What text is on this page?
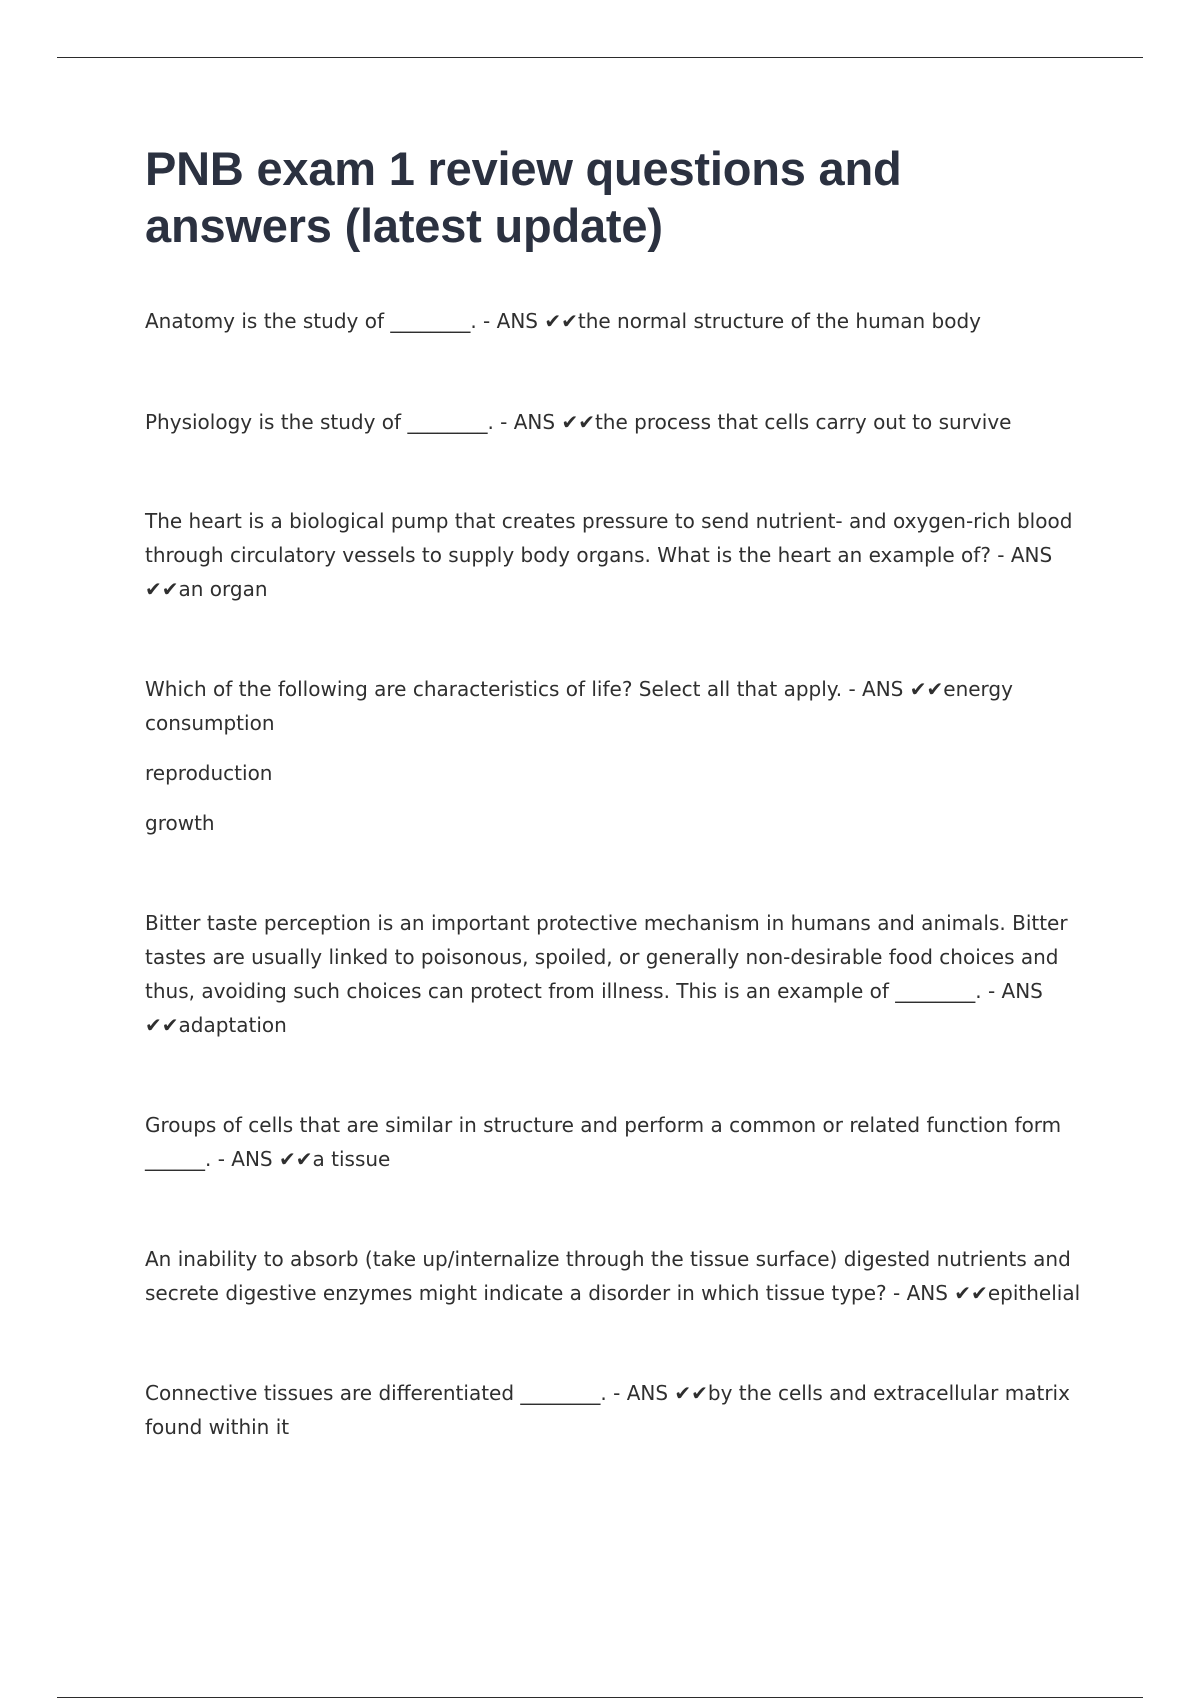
PNB exam 1 review questions and answers (latest update)

Anatomy is the study of ________. - ANS ✔✔the normal structure of the human body

Physiology is the study of ________. - ANS ✔✔the process that cells carry out to survive

The heart is a biological pump that creates pressure to send nutrient- and oxygen-rich blood through circulatory vessels to supply body organs. What is the heart an example of? - ANS ✔✔an organ

Which of the following are characteristics of life? Select all that apply. - ANS ✔✔energy consumption

reproduction

growth

Bitter taste perception is an important protective mechanism in humans and animals. Bitter tastes are usually linked to poisonous, spoiled, or generally non-desirable food choices and thus, avoiding such choices can protect from illness. This is an example of ________. - ANS ✔✔adaptation

Groups of cells that are similar in structure and perform a common or related function form ______. - ANS ✔✔a tissue

An inability to absorb (take up/internalize through the tissue surface) digested nutrients and secrete digestive enzymes might indicate a disorder in which tissue type? - ANS ✔✔epithelial

Connective tissues are differentiated ________. - ANS ✔✔by the cells and extracellular matrix found within it
